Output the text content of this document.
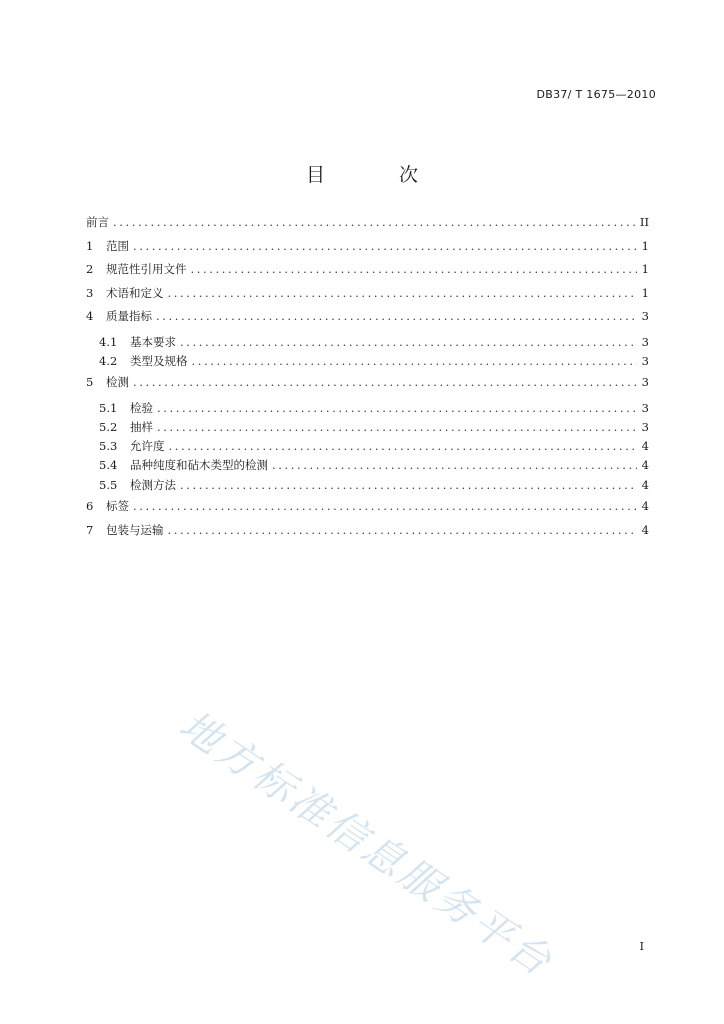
DB37/ T 1675—2010
目 次
前言 .....	II
1	范围 .....	1
2	规范性引用文件 .....	1
3	术语和定义 .....	1
4	质量指标 .....	3
4.1	基本要求 .....	3
4.2	类型及规格 .....	3
5	检测 .....	3
5.1	检验 .....	3
5.2	抽样 .....	3
5.3	允许度 .....	4
5.4	品种纯度和砧木类型的检测 .....	4
5.5	检测方法 .....	4
6	标签 .....	4
7	包装与运输 .....	4
地方标准信息服务平台	I
